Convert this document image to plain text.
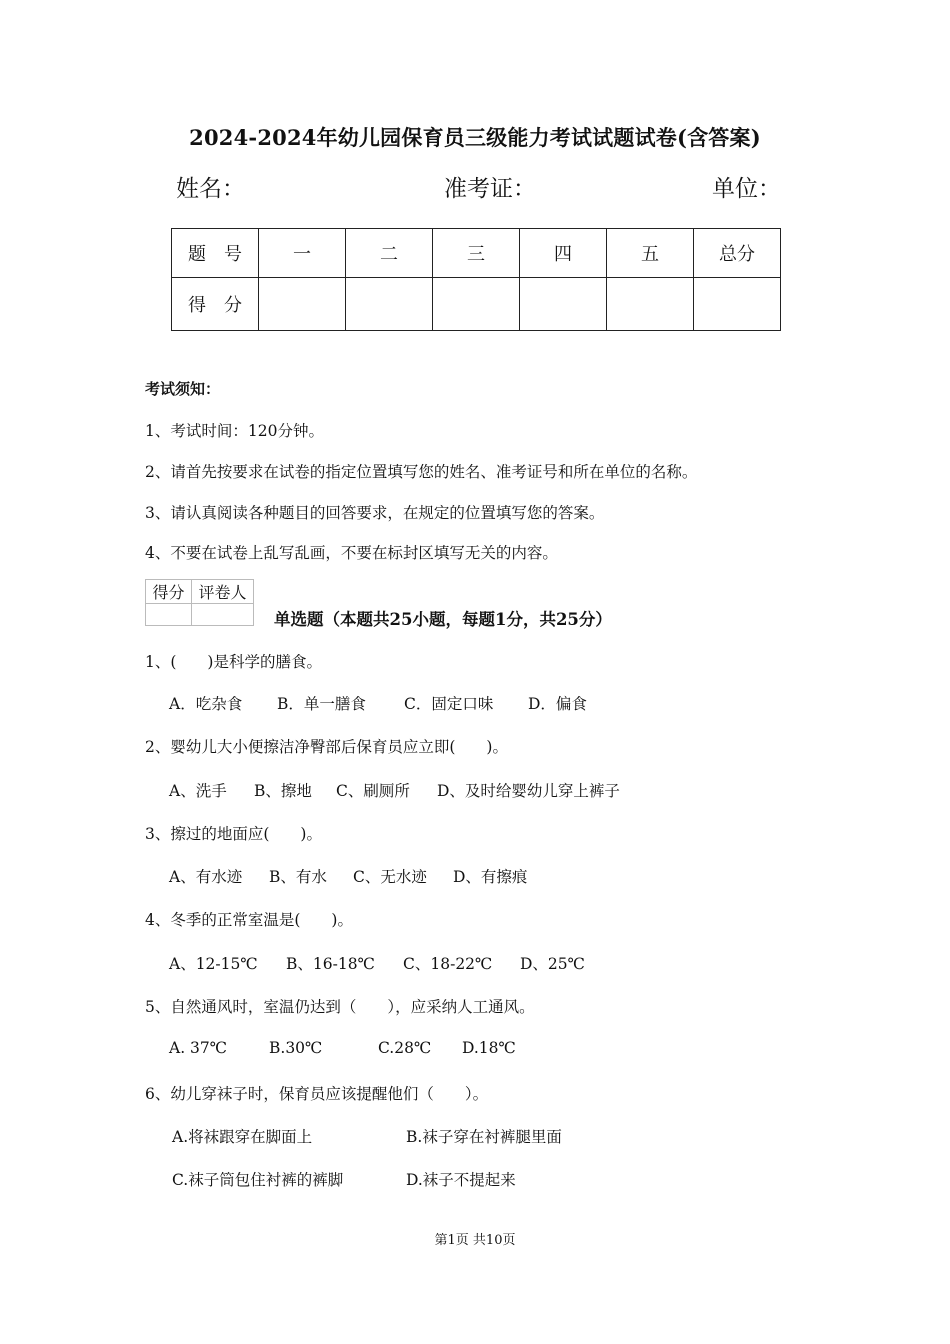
2024-2024年幼儿园保育员三级能力考试试题试卷(含答案)
姓名：	准考证：	单位：
题　号	一	二	三	四	五	总分
得　分						
考试须知：
1、考试时间：120分钟。
2、请首先按要求在试卷的指定位置填写您的姓名、准考证号和所在单位的名称。
3、请认真阅读各种题目的回答要求，在规定的位置填写您的答案。
4、不要在试卷上乱写乱画，不要在标封区填写无关的内容。
得分	评卷人

单选题（本题共25小题，每题1分，共25分）
1、(　　)是科学的膳食。
A．吃杂食 B．单一膳食 C．固定口味 D．偏食
2、婴幼儿大小便擦洁净臀部后保育员应立即(　　)。
A、洗手 B、擦地 C、刷厕所 D、及时给婴幼儿穿上裤子
3、擦过的地面应(　　)。
A、有水迹 B、有水 C、无水迹 D、有擦痕
4、冬季的正常室温是(　　)。
A、12-15℃ B、16-18℃ C、18-22℃ D、25℃
5、自然通风时，室温仍达到（　　），应采纳人工通风。
A. 37℃	B.30℃	C.28℃ D.18℃
6、幼儿穿袜子时，保育员应该提醒他们（　　）。
A.将袜跟穿在脚面上	B.袜子穿在衬裤腿里面
C.袜子筒包住衬裤的裤脚	D.袜子不提起来
第1页 共10页
